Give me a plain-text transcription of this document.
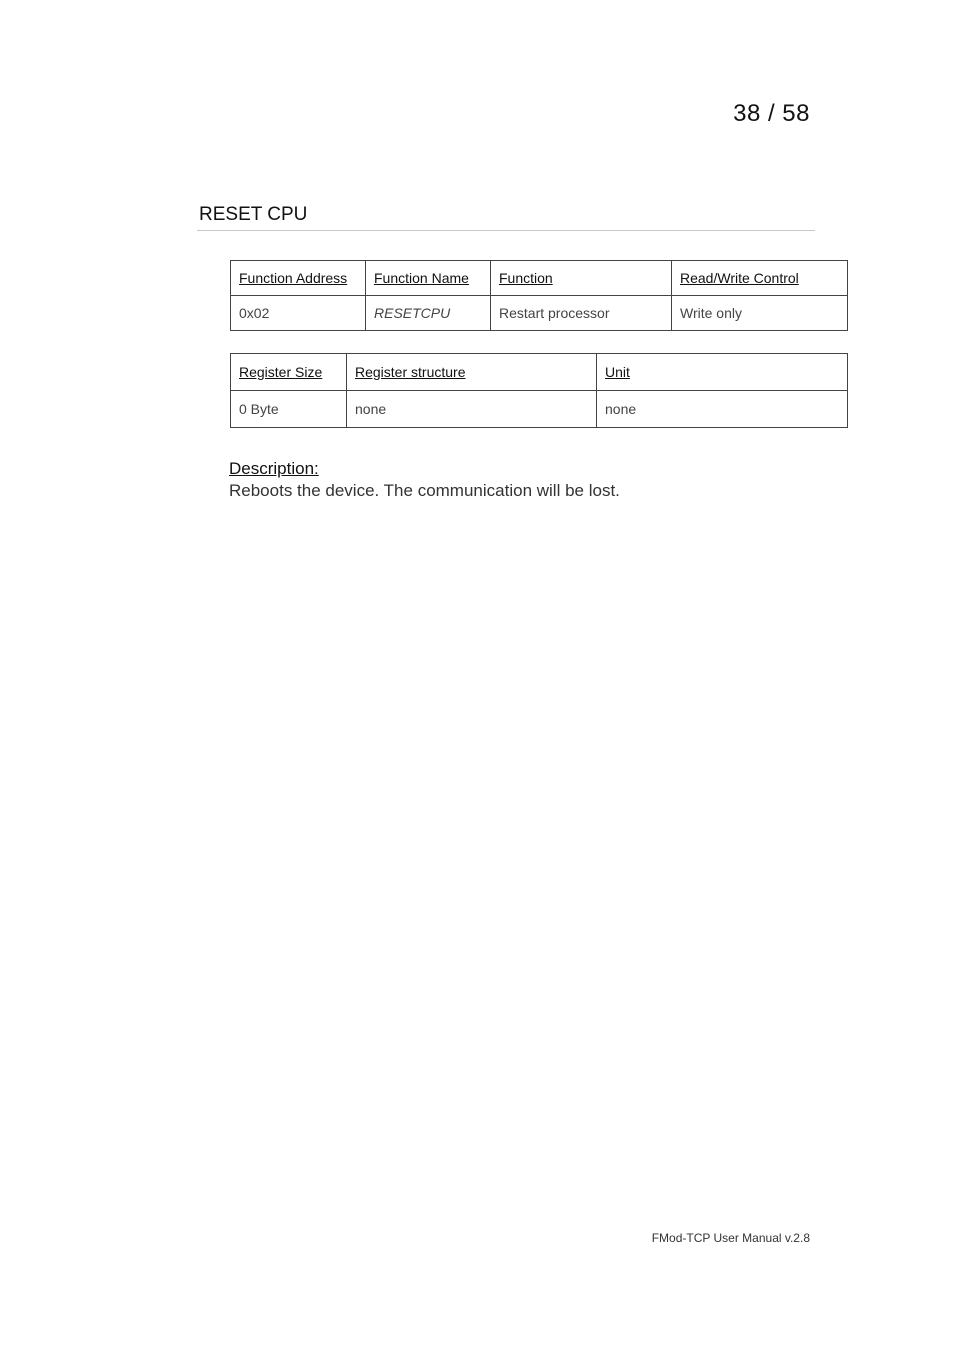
38 / 58
RESET CPU
Function Address	Function Name	Function	Read/Write Control
0x02	RESETCPU	Restart processor	Write only
Register Size	Register structure	Unit
0 Byte	none	none
Description:
Reboots the device. The communication will be lost.
FMod-TCP User Manual v.2.8
